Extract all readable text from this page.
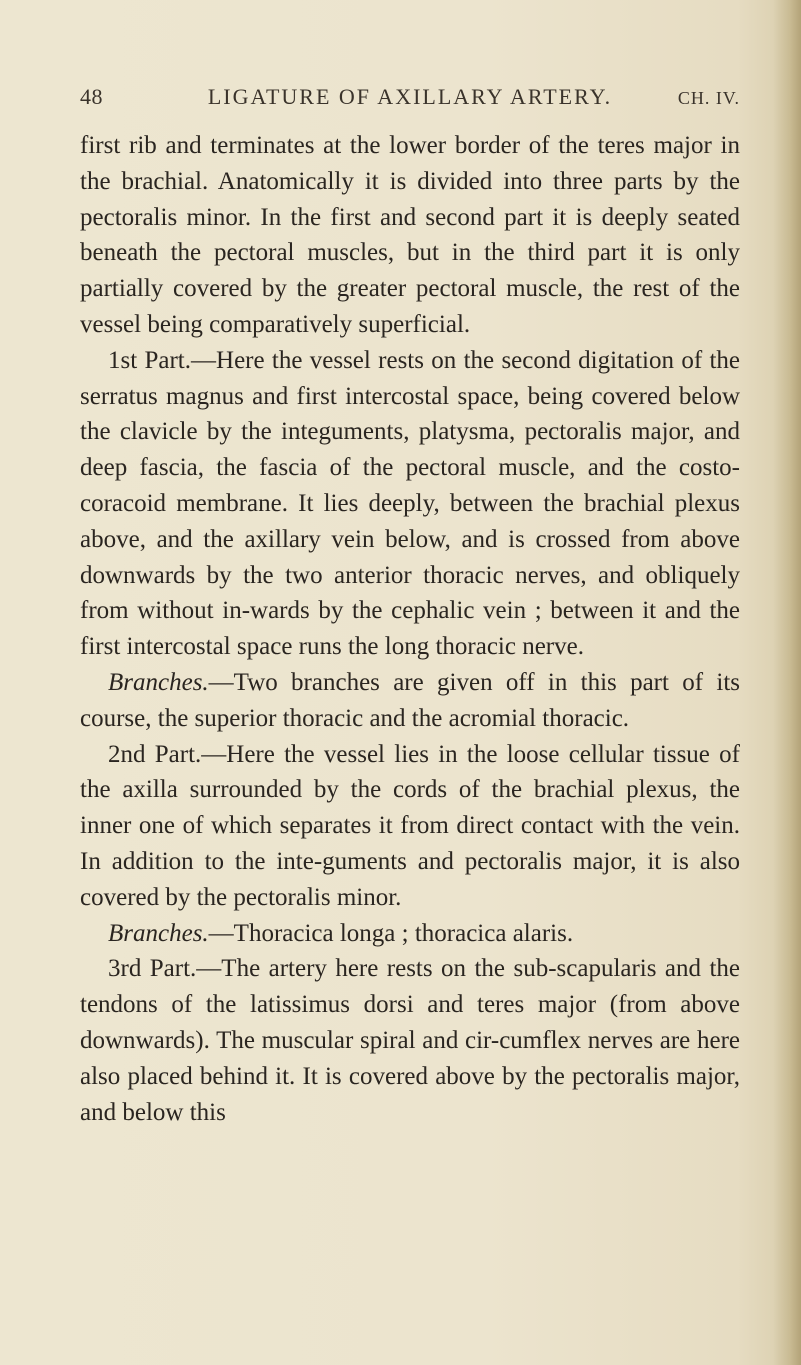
48	LIGATURE OF AXILLARY ARTERY.	CH. IV.

first rib and terminates at the lower border of the teres major in the brachial. Anatomically it is divided into three parts by the pectoralis minor. In the first and second part it is deeply seated beneath the pectoral muscles, but in the third part it is only partially covered by the greater pectoral muscle, the rest of the vessel being comparatively superficial.

1st Part.—Here the vessel rests on the second digitation of the serratus magnus and first intercostal space, being covered below the clavicle by the integuments, platysma, pectoralis major, and deep fascia, the fascia of the pectoral muscle, and the costo-coracoid membrane. It lies deeply, between the brachial plexus above, and the axillary vein below, and is crossed from above downwards by the two anterior thoracic nerves, and obliquely from without in-wards by the cephalic vein ; between it and the first intercostal space runs the long thoracic nerve.

Branches.—Two branches are given off in this part of its course, the superior thoracic and the acromial thoracic.

2nd Part.—Here the vessel lies in the loose cellular tissue of the axilla surrounded by the cords of the brachial plexus, the inner one of which separates it from direct contact with the vein. In addition to the inte-guments and pectoralis major, it is also covered by the pectoralis minor.

Branches.—Thoracica longa ; thoracica alaris.

3rd Part.—The artery here rests on the sub-scapularis and the tendons of the latissimus dorsi and teres major (from above downwards). The muscular spiral and cir-cumflex nerves are here also placed behind it. It is covered above by the pectoralis major, and below this
